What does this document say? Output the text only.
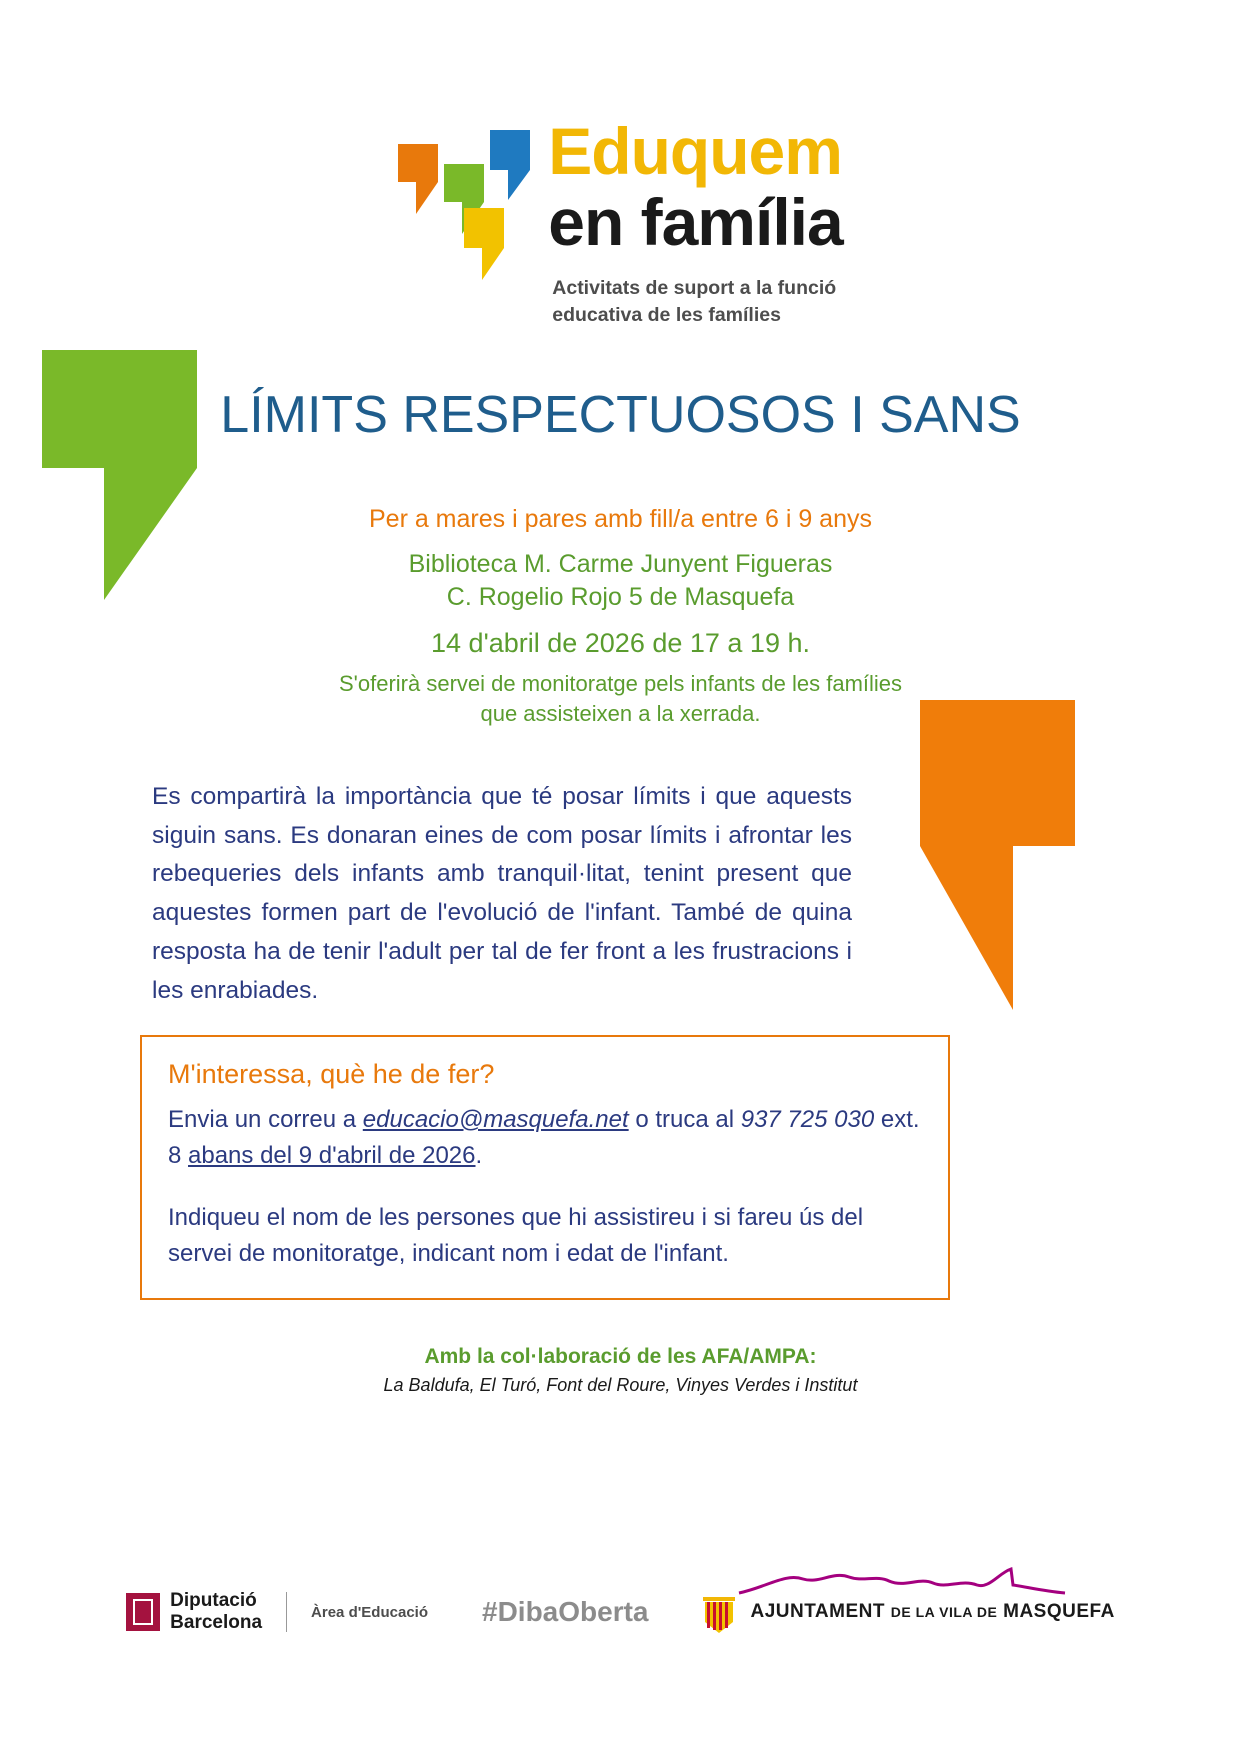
Eduquem
en família
Activitats de suport a la funció
educativa de les famílies
LÍMITS RESPECTUOSOS I SANS
Per a mares i pares amb fill/a entre 6 i 9 anys
Biblioteca M. Carme Junyent Figueras
C. Rogelio Rojo 5 de Masquefa
14 d'abril de 2026 de 17 a 19 h.
S'oferirà servei de monitoratge pels infants de les famílies
que assisteixen a la xerrada.
Es compartirà la importància que té posar límits i que aquests siguin sans. Es donaran eines de com posar límits i afrontar les rebequeries dels infants amb tranquil·litat, tenint present que aquestes formen part de l'evolució de l'infant. També de quina resposta ha de tenir l'adult per tal de fer front a les frustracions i les enrabiades.
M'interessa, què he de fer?
Envia un correu a educacio@masquefa.net o truca al 937 725 030 ext. 8 abans del 9 d'abril de 2026.
Indiqueu el nom de les persones que hi assistireu i si fareu ús del servei de monitoratge, indicant nom i edat de l'infant.
Amb la col·laboració de les AFA/AMPA:
La Baldufa, El Turó, Font del Roure, Vinyes Verdes i Institut
Diputació
Barcelona	Àrea d'Educació #DibaOberta	AJUNTAMENT DE LA VILA DE MASQUEFA
